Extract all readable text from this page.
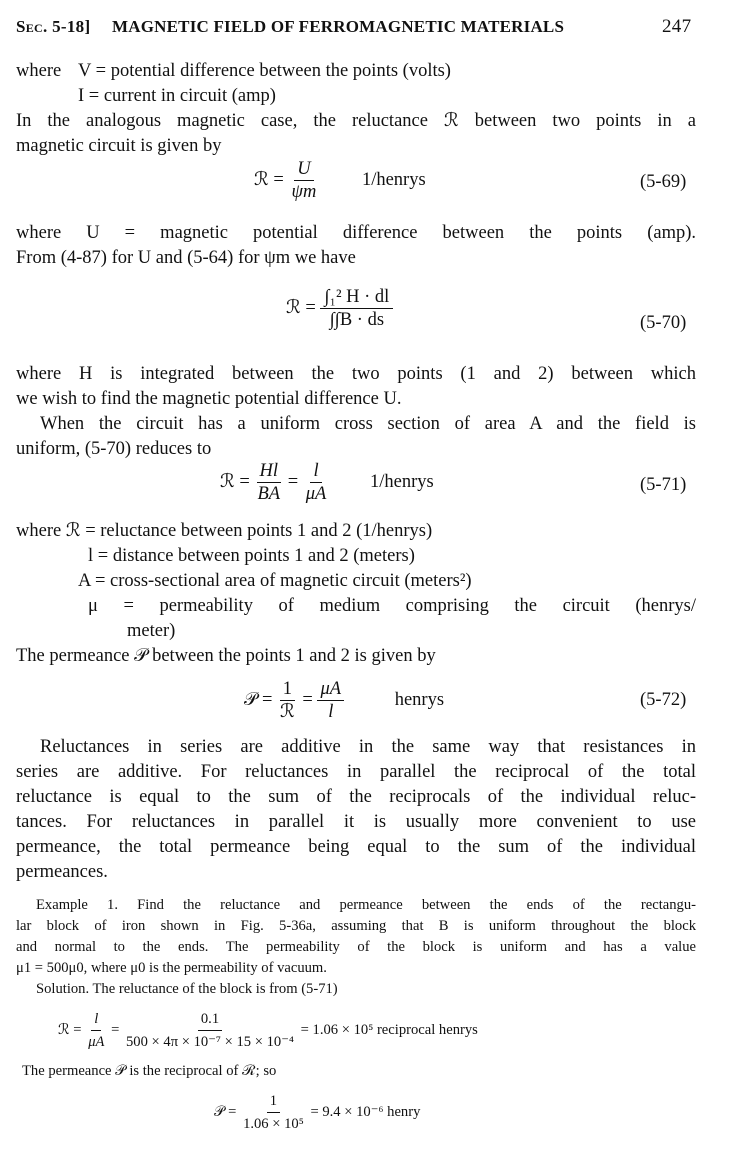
Sec. 5-18] MAGNETIC FIELD OF FERROMAGNETIC MATERIALS	247
where V = potential difference between the points (volts)
I = current in circuit (amp)
In the analogous magnetic case, the reluctance ℛ between two points in a
magnetic circuit is given by
ℛ = $\frac{U}{\psi m}$ 1/henrys	(5-69)
where U = magnetic potential difference between the points (amp).
From (4-87) for U and (5-64) for ψm we have
ℛ = $\frac{\text{∫₁² H · dl}}{\int\int B \cdot ds}$	(5-70)
where H is integrated between the two points (1 and 2) between which
we wish to find the magnetic potential difference U.
When the circuit has a uniform cross section of area A and the field is
uniform, (5-70) reduces to
ℛ = $\frac{Hl}{BA} = \frac{l}{\mu A}$ 1/henrys	(5-71)
where ℛ = reluctance between points 1 and 2 (1/henrys)
l = distance between points 1 and 2 (meters)
A = cross-sectional area of magnetic circuit (meters²)
μ = permeability of medium comprising the circuit (henrys/
meter)
The permeance 𝒫 between the points 1 and 2 is given by
𝒫 = $\frac{1}{\text{ℛ}} = \frac{\mu A}{l}$	henrys	(5-72)
Reluctances in series are additive in the same way that resistances in
series are additive. For reluctances in parallel the reciprocal of the total
reluctance is equal to the sum of the reciprocals of the individual reluc-
tances. For reluctances in parallel it is usually more convenient to use
permeance, the total permeance being equal to the sum of the individual
permeances.
Example 1. Find the reluctance and permeance between the ends of the rectangu-
lar block of iron shown in Fig. 5-36a, assuming that B is uniform throughout the block
and normal to the ends. The permeability of the block is uniform and has a value
μ1 = 500μ0, where μ0 is the permeability of vacuum.
Solution. The reluctance of the block is from (5-71)
ℛ = $\frac{l}{\mu A} = \frac{0.1}{\text{500 × 4π × 10⁻⁷ × 15 × 10⁻⁴}} = 1.06 \times 10^5$ reciprocal henrys
The permeance 𝒫 is the reciprocal of ℛ; so
𝒫 = $\frac{1}{\text{1.06 × 10⁵}} = 9.4 \times 10^{-6}$ henry
